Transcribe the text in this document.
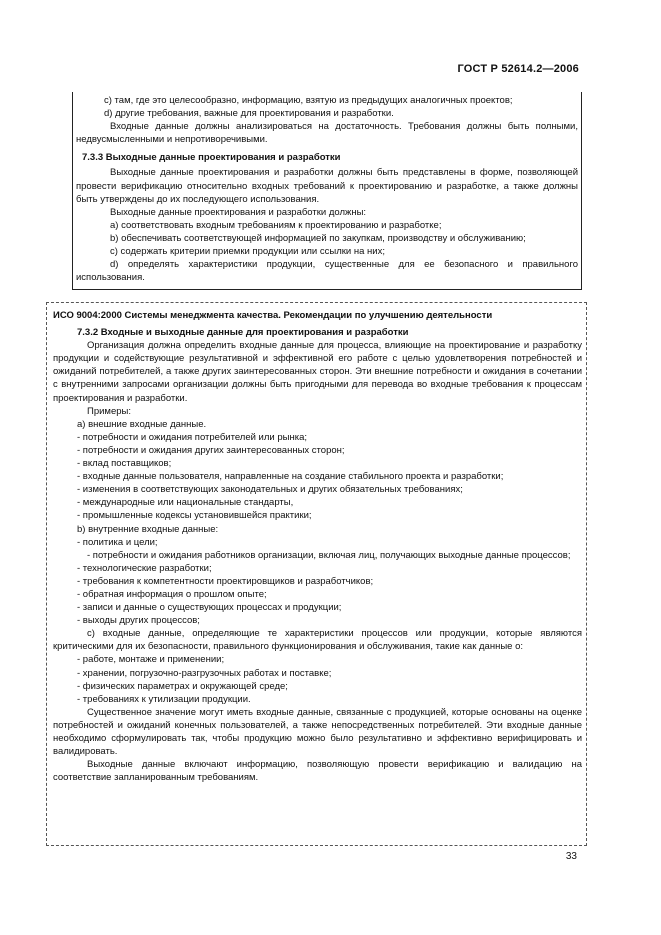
ГОСТ Р 52614.2—2006

c) там, где это целесообразно, информацию, взятую из предыдущих аналогичных проектов;

d) другие требования, важные для проектирования и разработки.

Входные данные должны анализироваться на достаточность. Требования должны быть полными, недвусмысленными и непротиворечивыми.

7.3.3 Выходные данные проектирования и разработки

Выходные данные проектирования и разработки должны быть представлены в форме, позволяющей провести верификацию относительно входных требований к проектированию и разработке, а также должны быть утверждены до их последующего использования.

Выходные данные проектирования и разработки должны:

a) соответствовать входным требованиям к проектированию и разработке;

b) обеспечивать соответствующей информацией по закупкам, производству и обслуживанию;

c) содержать критерии приемки продукции или ссылки на них;

d) определять характеристики продукции, существенные для ее безопасного и правильного использования.

ИСО 9004:2000 Системы менеджмента качества. Рекомендации по улучшению деятельности

7.3.2 Входные и выходные данные для проектирования и разработки

Организация должна определить входные данные для процесса, влияющие на проектирование и разработку продукции и содействующие результативной и эффективной его работе с целью удовлетворения потребностей и ожиданий потребителей, а также других заинтересованных сторон. Эти внешние потребности и ожидания в сочетании с внутренними запросами организации должны быть пригодными для перевода во входные требования к процессам проектирования и разработки.

Примеры:

a) внешние входные данные.

- потребности и ожидания потребителей или рынка;

- потребности и ожидания других заинтересованных сторон;

- вклад поставщиков;

- входные данные пользователя, направленные на создание стабильного проекта и разработки;

- изменения в соответствующих законодательных и других обязательных требованиях;

- международные или национальные стандарты,

- промышленные кодексы установившейся практики;

b) внутренние входные данные:

- политика и цели;

- потребности и ожидания работников организации, включая лиц, получающих выходные данные процессов;

- технологические разработки;

- требования к компетентности проектировщиков и разработчиков;

- обратная информация о прошлом опыте;

- записи и данные о существующих процессах и продукции;

- выходы других процессов;

c) входные данные, определяющие те характеристики процессов или продукции, которые являются критическими для их безопасности, правильного функционирования и обслуживания, такие как данные о:

- работе, монтаже и применении;

- хранении, погрузочно-разгрузочных работах и поставке;

- физических параметрах и окружающей среде;

- требованиях к утилизации продукции.

Существенное значение могут иметь входные данные, связанные с продукцией, которые основаны на оценке потребностей и ожиданий конечных пользователей, а также непосредственных потребителей. Эти входные данные необходимо сформулировать так, чтобы продукцию можно было результативно и эффективно верифицировать и валидировать.

Выходные данные включают информацию, позволяющую провести верификацию и валидацию на соответствие запланированным требованиям.

33
